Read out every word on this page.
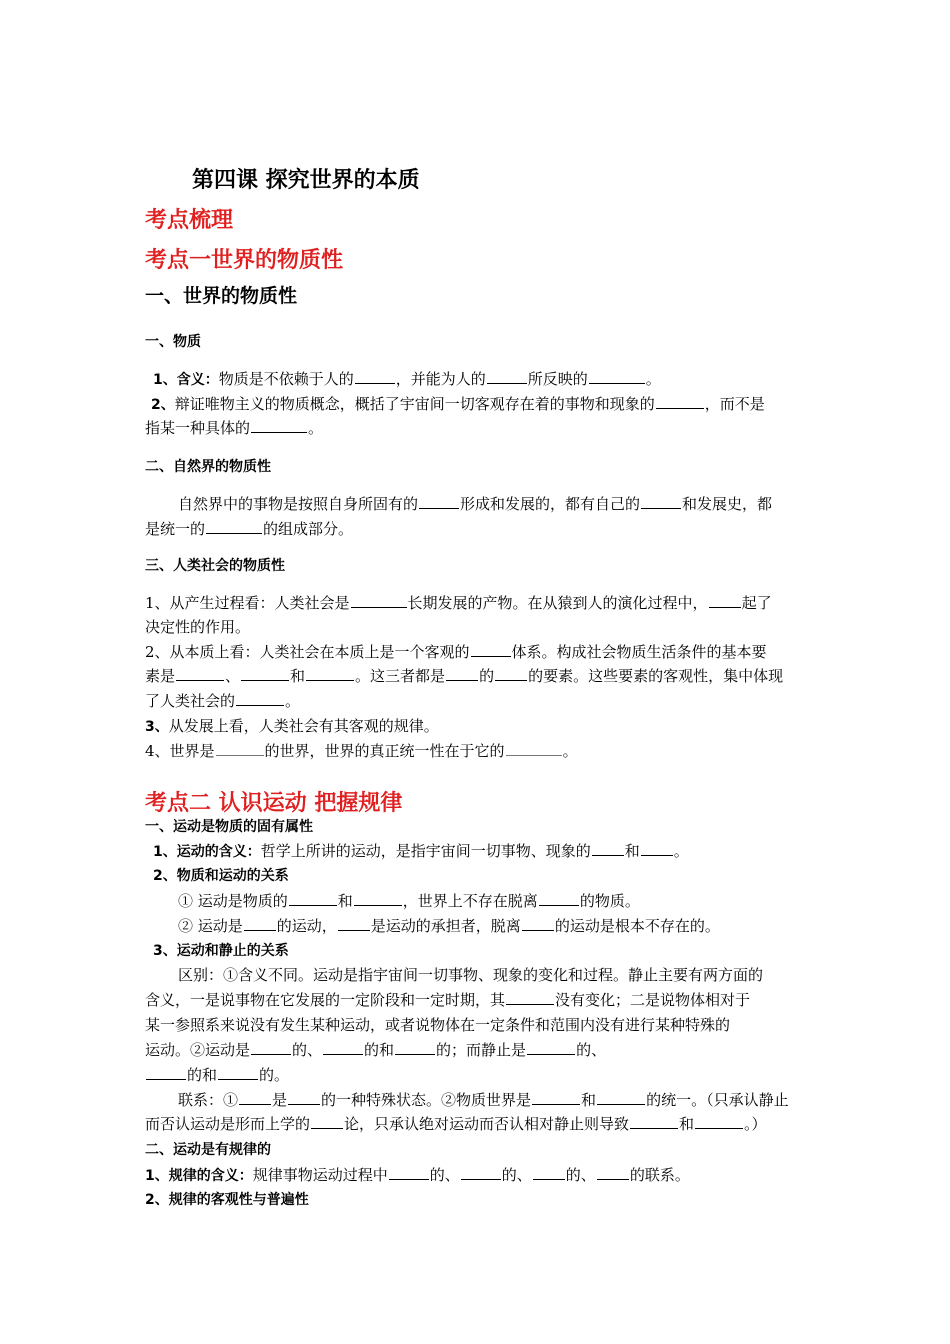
第四课 探究世界的本质
考点梳理
考点一世界的物质性
一、世界的物质性
一、物质
1、含义：物质是不依赖于人的	，并能为人的	所反映的	。
2、辩证唯物主义的物质概念，概括了宇宙间一切客观存在着的事物和现象的	，而不是
指某一种具体的	。
二、自然界的物质性
自然界中的事物是按照自身所固有的	形成和发展的，都有自己的	和发展史，都
是统一的	的组成部分。
三、人类社会的物质性
1、从产生过程看：人类社会是	长期发展的产物。在从猿到人的演化过程中， 起了
决定性的作用。
2、从本质上看：人类社会在本质上是一个客观的	体系。构成社会物质生活条件的基本要
素是	、	和	。这三者都是 的 的要素。这些要素的客观性，集中体现
了人类社会的	。
3、从发展上看，人类社会有其客观的规律。
4、世界是	的世界，世界的真正统一性在于它的	。
考点二 认识运动 把握规律
一、运动是物质的固有属性
1、运动的含义：哲学上所讲的运动，是指宇宙间一切事物、现象的 和 。
2、物质和运动的关系
① 运动是物质的	和	，世界上不存在脱离	的物质。
② 运动是 的运动， 是运动的承担者，脱离 的运动是根本不存在的。
3、运动和静止的关系
区别：①含义不同。运动是指宇宙间一切事物、现象的变化和过程。静止主要有两方面的
含义，一是说事物在它发展的一定阶段和一定时期，其	没有变化；二是说物体相对于
某一参照系来说没有发生某种运动，或者说物体在一定条件和范围内没有进行某种特殊的
运动。②运动是	的、	的和	的；而静止是	的、
的和	的。
联系：① 是 的一种特殊状态。②物质世界是	和	的统一。（只承认静止
而否认运动是形而上学的 论，只承认绝对运动而否认相对静止则导致	和	。）
二、运动是有规律的
1、规律的含义：规律事物运动过程中	的、	的、 的、 的联系。
2、规律的客观性与普遍性
